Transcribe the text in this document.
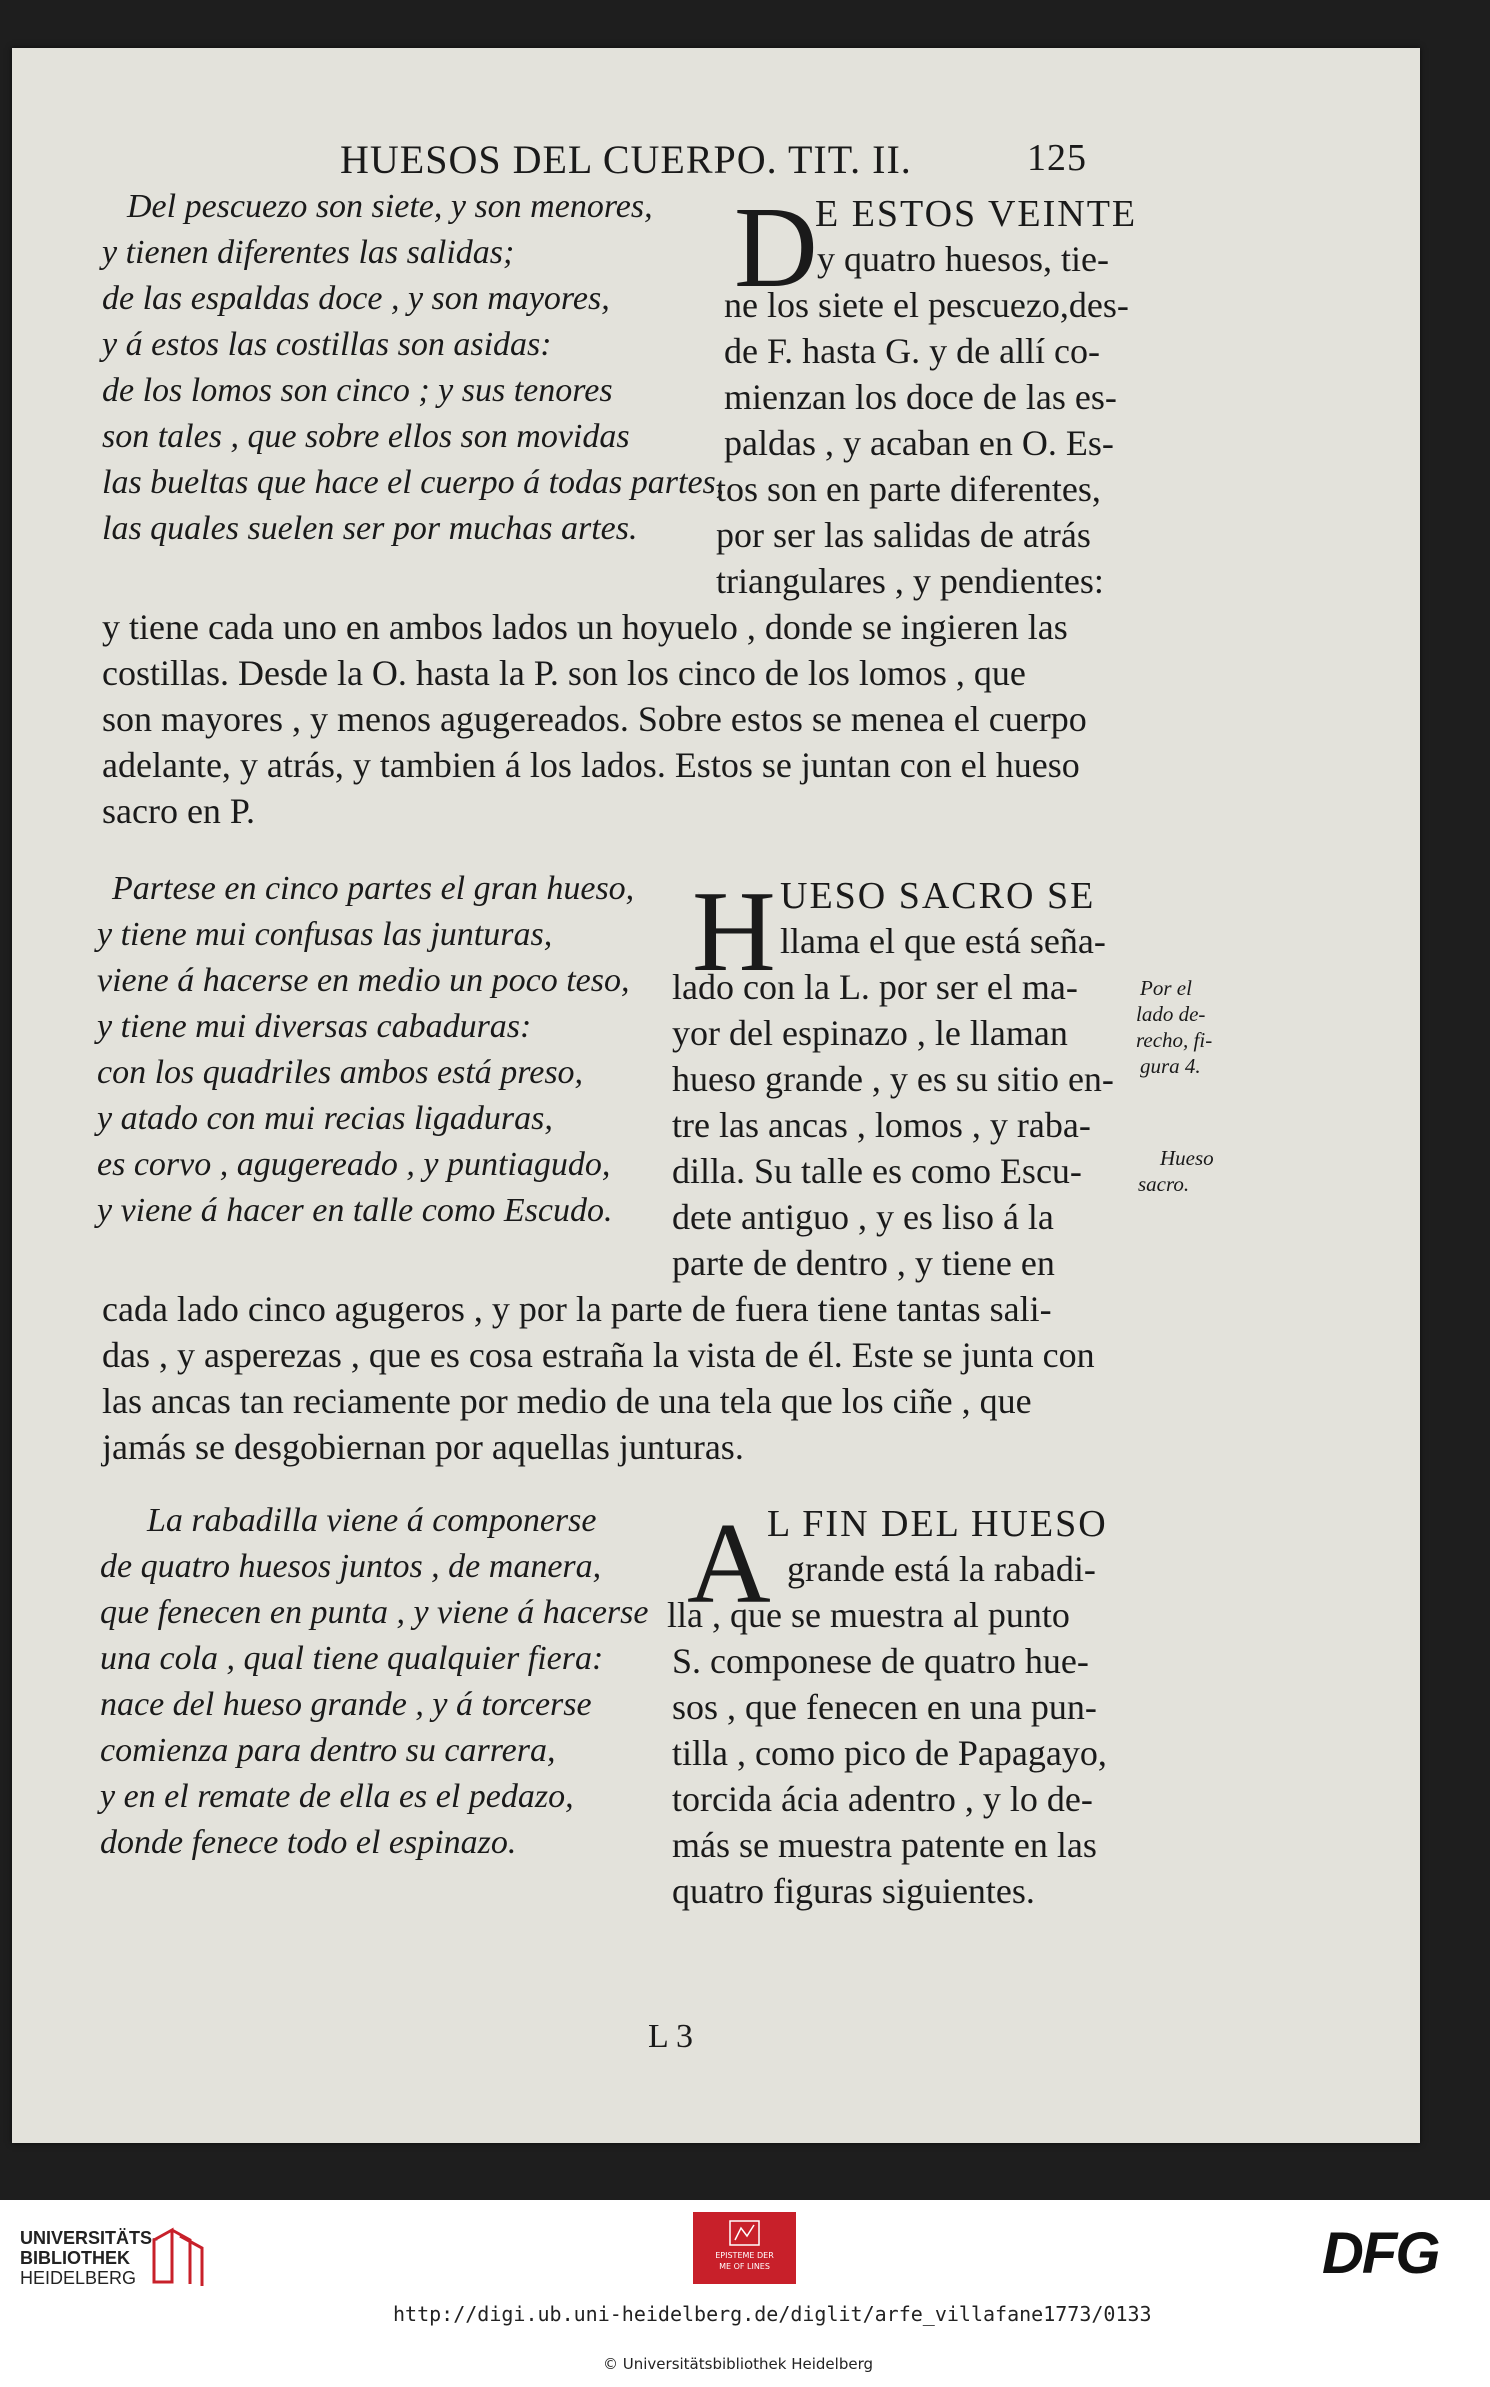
HUESOS DEL CUERPO. TIT. II.	125
Del pescuezo son siete, y son menores,
y tienen diferentes las salidas;
de las espaldas doce , y son mayores,
y á estos las costillas son asidas:
de los lomos son cinco ; y sus tenores
son tales , que sobre ellos son movidas
las bueltas que hace el cuerpo á todas partes,
las quales suelen ser por muchas artes.
D
E ESTOS VEINTE
y quatro huesos, tie-
ne los siete el pescuezo,des-
de F. hasta G. y de allí co-
mienzan los doce de las es-
paldas , y acaban en O. Es-
tos son en parte diferentes,
por ser las salidas de atrás
triangulares , y pendientes:
y tiene cada uno en ambos lados un hoyuelo , donde se ingieren las
costillas. Desde la O. hasta la P. son los cinco de los lomos , que
son mayores , y menos agugereados. Sobre estos se menea el cuerpo
adelante, y atrás, y tambien á los lados. Estos se juntan con el hueso
sacro en P.
Partese en cinco partes el gran hueso,
y tiene mui confusas las junturas,
viene á hacerse en medio un poco teso,
y tiene mui diversas cabaduras:
con los quadriles ambos está preso,
y atado con mui recias ligaduras,
es corvo , agugereado , y puntiagudo,
y viene á hacer en talle como Escudo.
H UESO SACRO SE
llama el que está seña-
lado con la L. por ser el ma-
yor del espinazo , le llaman
hueso grande , y es su sitio en-
tre las ancas , lomos , y raba-
dilla. Su talle es como Escu-
dete antiguo , y es liso á la
parte de dentro , y tiene en
cada lado cinco agugeros , y por la parte de fuera tiene tantas sali-
das , y asperezas , que es cosa estraña la vista de él. Este se junta con
las ancas tan reciamente por medio de una tela que los ciñe , que
jamás se desgobiernan por aquellas junturas.
Por el
lado de-
recho, fi-
gura 4.
Hueso
sacro.
La rabadilla viene á componerse
de quatro huesos juntos , de manera,
que fenecen en punta , y viene á hacerse
una cola , qual tiene qualquier fiera:
nace del hueso grande , y á torcerse
comienza para dentro su carrera,
y en el remate de ella es el pedazo,
donde fenece todo el espinazo.
A
L FIN DEL HUESO
grande está la rabadi-
lla , que se muestra al punto
S. componese de quatro hue-
sos , que fenecen en una pun-
tilla , como pico de Papagayo,
torcida ácia adentro , y lo de-
más se muestra patente en las
quatro figuras siguientes.
L 3
UNIVERSITÄTS-
BIBLIOTHEK
HEIDELBERG
EPISTEME DER
ME OF LINES	DFG
http://digi.ub.uni-heidelberg.de/diglit/arfe_villafane1773/0133
© Universitätsbibliothek Heidelberg
